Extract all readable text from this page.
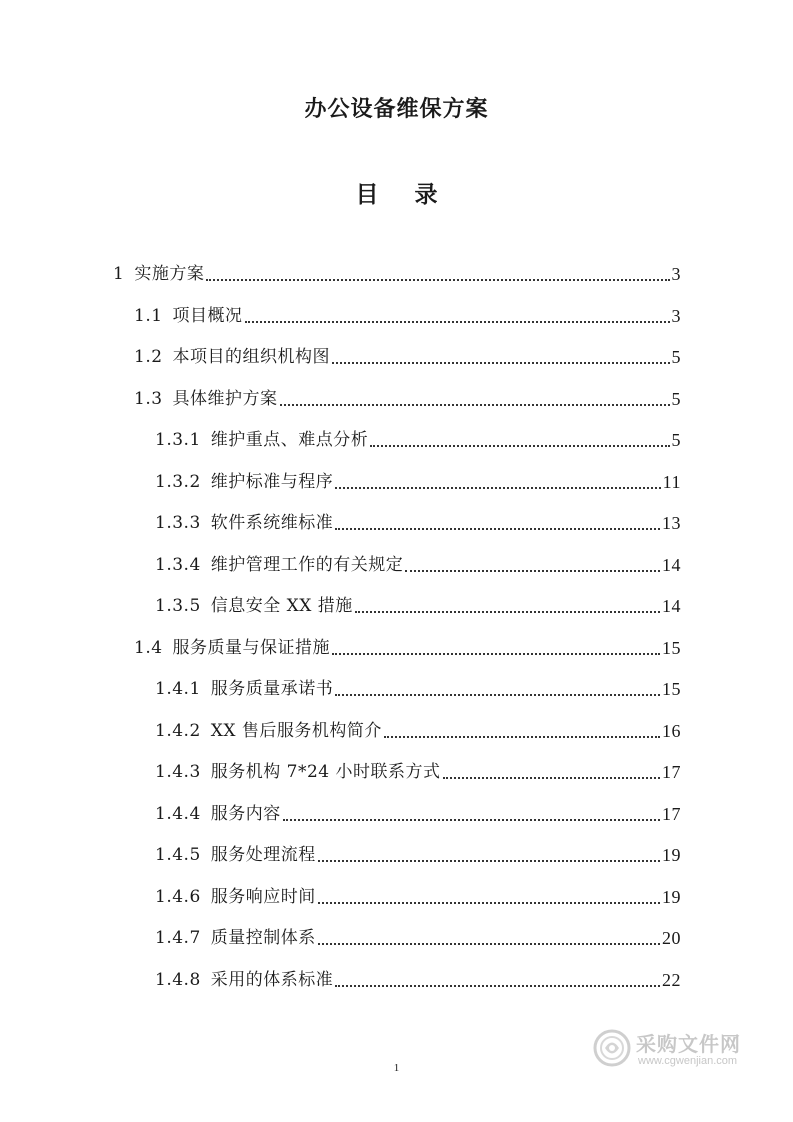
办公设备维保方案
目 录
1 实施方案	3
1.1 项目概况	3
1.2 本项目的组织机构图	5
1.3 具体维护方案	5
1.3.1 维护重点、难点分析	5
1.3.2 维护标准与程序	11
1.3.3 软件系统维标准	13
1.3.4 维护管理工作的有关规定	14
1.3.5 信息安全 XX 措施	14
1.4 服务质量与保证措施	15
1.4.1 服务质量承诺书	15
1.4.2 XX 售后服务机构简介	16
1.4.3 服务机构 7*24 小时联系方式	17
1.4.4 服务内容	17
1.4.5 服务处理流程	19
1.4.6 服务响应时间	19
1.4.7 质量控制体系	20
1.4.8 采用的体系标准	22
采购文件网
www.cgwenjian.com
1
